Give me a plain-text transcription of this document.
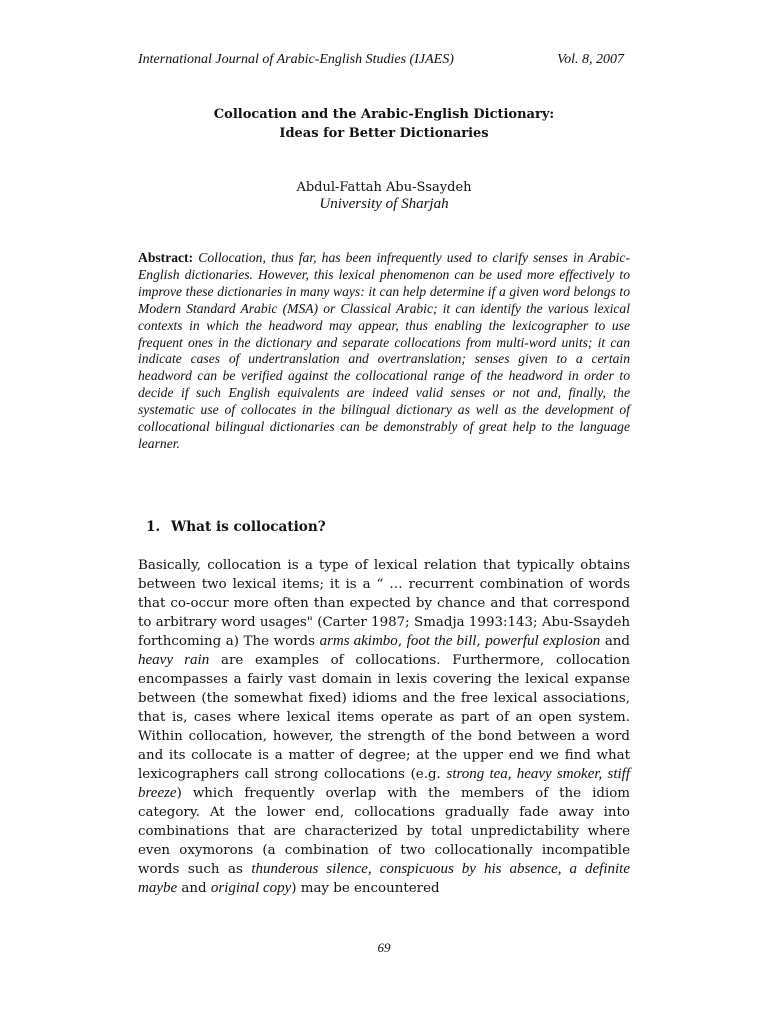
International Journal of Arabic-English Studies (IJAES)	Vol. 8, 2007
Collocation and the Arabic-English Dictionary:
Ideas for Better Dictionaries
Abdul-Fattah Abu-Ssaydeh
University of Sharjah

Abstract: Collocation, thus far, has been infrequently used to clarify senses in Arabic-English dictionaries. However, this lexical phenomenon can be used more effectively to improve these dictionaries in many ways: it can help determine if a given word belongs to Modern Standard Arabic (MSA) or Classical Arabic; it can identify the various lexical contexts in which the headword may appear, thus enabling the lexicographer to use frequent ones in the dictionary and separate collocations from multi-word units; it can indicate cases of undertranslation and overtranslation; senses given to a certain headword can be verified against the collocational range of the headword in order to decide if such English equivalents are indeed valid senses or not and, finally, the systematic use of collocates in the bilingual dictionary as well as the development of collocational bilingual dictionaries can be demonstrably of great help to the language learner.

1. What is collocation?

Basically, collocation is a type of lexical relation that typically obtains between two lexical items; it is a “ … recurrent combination of words that co-occur more often than expected by chance and that correspond to arbitrary word usages" (Carter 1987; Smadja 1993:143; Abu-Ssaydeh forthcoming a) The words arms akimbo, foot the bill, powerful explosion and heavy rain are examples of collocations. Furthermore, collocation encompasses a fairly vast domain in lexis covering the lexical expanse between (the somewhat fixed) idioms and the free lexical associations, that is, cases where lexical items operate as part of an open system. Within collocation, however, the strength of the bond between a word and its collocate is a matter of degree; at the upper end we find what lexicographers call strong collocations (e.g. strong tea, heavy smoker, stiff breeze) which frequently overlap with the members of the idiom category. At the lower end, collocations gradually fade away into combinations that are characterized by total unpredictability where even oxymorons (a combination of two collocationally incompatible words such as thunderous silence, conspicuous by his absence, a definite maybe and original copy) may be encountered

69
